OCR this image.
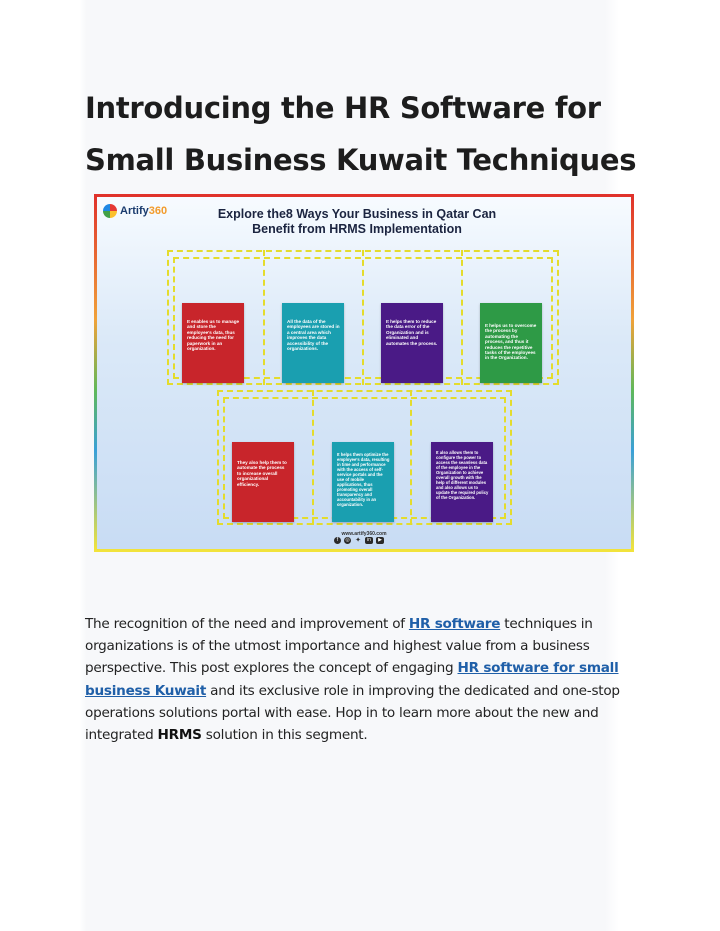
Introducing the HR Software for Small Business Kuwait Techniques
Artify360	Explore the8 Ways Your Business in Qatar Can Benefit from HRMS Implementation
It enables us to manage and store the employee's data, thus reducing the need for paperwork in an organization.
All the data of the employees are stored in a central area which improves the data accessibility of the organizations.
It helps them to reduce the data error of the Organization and is eliminated and automates the process.
It helps us to overcome the process by automating the process, and thus it reduces the repetitive tasks of the employees in the Organization.
They also help them to automate the process to increase overall organizational efficiency.
It helps them optimize the employee's data, resulting in time and performance with the access of self-service portals and the use of mobile applications, thus promoting overall transparency and accountability in an organization.
It also allows them to configure the power to access the seamless data of the employee in the Organization to achieve overall growth with the help of different modules and also allows us to update the required policy of the Organization.
www.artify360.com
f	◎ ✦	in	▶

The recognition of the need and improvement of HR software techniques in organizations is of the utmost importance and highest value from a business perspective. This post explores the concept of engaging HR software for small business Kuwait and its exclusive role in improving the dedicated and one-stop operations solutions portal with ease. Hop in to learn more about the new and integrated HRMS solution in this segment.
